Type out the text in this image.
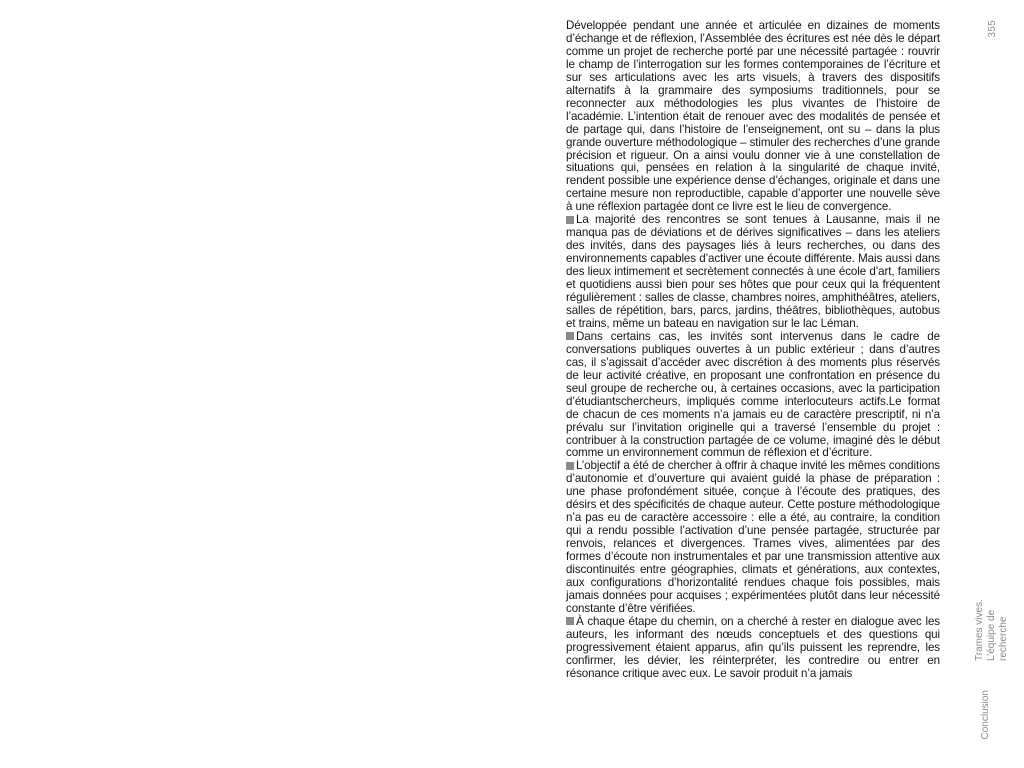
Développée pendant une année et articulée en dizaines de moments d’échange et de réflexion, l’Assemblée des écritures est née dès le départ comme un projet de recherche porté par une nécessité partagée : rouvrir le champ de l’interrogation sur les formes contemporaines de l’écriture et sur ses articulations avec les arts visuels, à travers des dispositifs alternatifs à la grammaire des symposiums traditionnels, pour se reconnecter aux méthodologies les plus vivantes de l’histoire de l’académie. L’intention était de renouer avec des modalités de pensée et de partage qui, dans l’histoire de l’enseignement, ont su – dans la plus grande ouverture méthodologique – stimuler des recherches d’une grande précision et rigueur. On a ainsi voulu donner vie à une constellation de situations qui, pensées en relation à la singularité de chaque invité, rendent possible une expérience dense d’échanges, originale et dans une certaine mesure non reproductible, capable d’apporter une nouvelle sève à une réflexion partagée dont ce livre est le lieu de convergence.

La majorité des rencontres se sont tenues à Lausanne, mais il ne manqua pas de déviations et de dérives significatives – dans les ateliers des invités, dans des paysages liés à leurs recherches, ou dans des environnements capables d’activer une écoute différente. Mais aussi dans des lieux intimement et secrètement connectés à une école d’art, familiers et quotidiens aussi bien pour ses hôtes que pour ceux qui la fréquentent régulièrement : salles de classe, chambres noires, amphithéâtres, ateliers, salles de répétition, bars, parcs, jardins, théâtres, bibliothèques, autobus et trains, même un bateau en navigation sur le lac Léman.

Dans certains cas, les invités sont intervenus dans le cadre de conversations publiques ouvertes à un public extérieur ; dans d’autres cas, il s’agissait d’accéder avec discrétion à des moments plus réservés de leur activité créative, en proposant une confrontation en présence du seul groupe de recherche ou, à certaines occasions, avec la participation d’étudiantschercheurs, impliqués comme interlocuteurs actifs.Le format de chacun de ces moments n’a jamais eu de caractère prescriptif, ni n’a prévalu sur l’invitation originelle qui a traversé l’ensemble du projet : contribuer à la construction partagée de ce volume, imaginé dès le début comme un environnement commun de réflexion et d’écriture.

L’objectif a été de chercher à offrir à chaque invité les mêmes conditions d’autonomie et d’ouverture qui avaient guidé la phase de préparation : une phase profondément située, conçue à l’écoute des pratiques, des désirs et des spécificités de chaque auteur. Cette posture méthodologique n’a pas eu de caractère accessoire : elle a été, au contraire, la condition qui a rendu possible l’activation d’une pensée partagée, structurée par renvois, relances et divergences. Trames vives, alimentées par des formes d’écoute non instrumentales et par une transmission attentive aux discontinuités entre géographies, climats et générations, aux contextes, aux configurations d’horizontalité rendues chaque fois possibles, mais jamais données pour acquises ; expérimentées plutôt dans leur nécessité constante d’être vérifiées.

À chaque étape du chemin, on a cherché à rester en dialogue avec les auteurs, les informant des nœuds conceptuels et des questions qui progressivement étaient apparus, afin qu’ils puissent les reprendre, les confirmer, les dévier, les réinterpréter, les contredire ou entrer en résonance critique avec eux. Le savoir produit n’a jamais

355
Trames vives. L’équipe de recherche
Conclusion
